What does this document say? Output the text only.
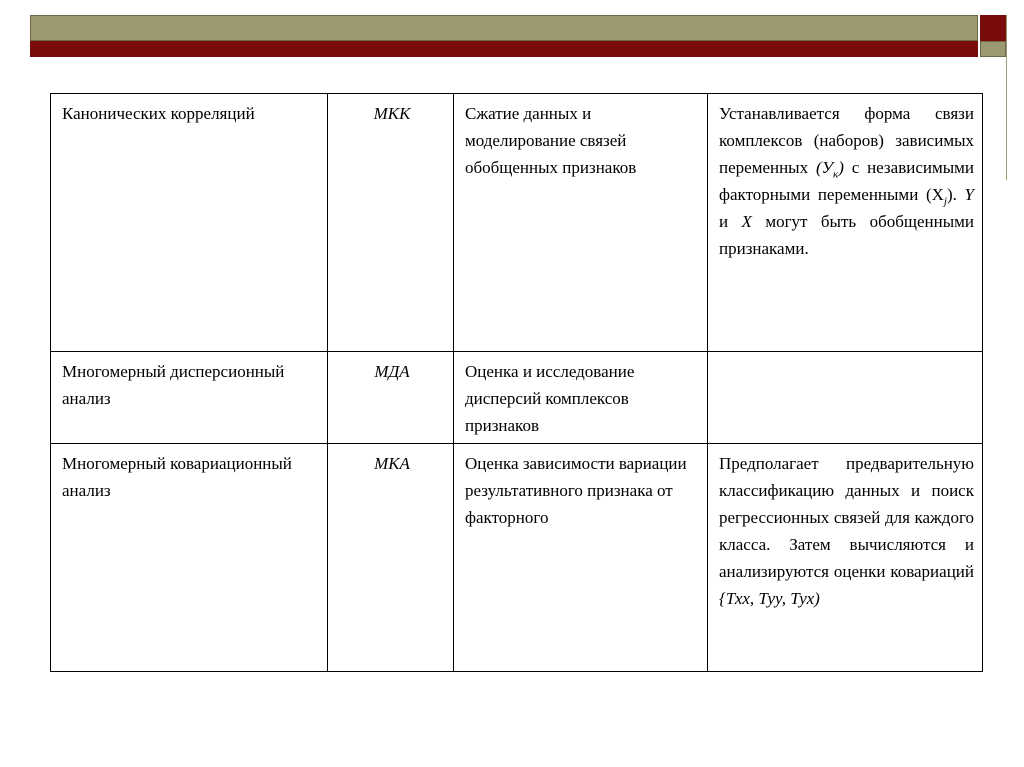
Канонических корреляций	МКК	Сжатие данных и моделирование связей обобщенных признаков	Устанавливается форма связи комплексов (наборов) зависимых переменных $(У_к)$ с независимыми факторными переменными $(X_j)$. Y и X могут быть обобщенными признаками.
Многомерный дисперсионный анализ	МДА	Оценка и исследование дисперсий комплексов признаков	
Многомерный ковариационный анализ	МКА	Оценка зависимости вариации результативного признака от факторного	Предполагает предварительную классификацию данных и поиск регрессионных связей для каждого класса. Затем вычисляются и анализируются оценки ковариаций {Тхх, Туу, Тух)
